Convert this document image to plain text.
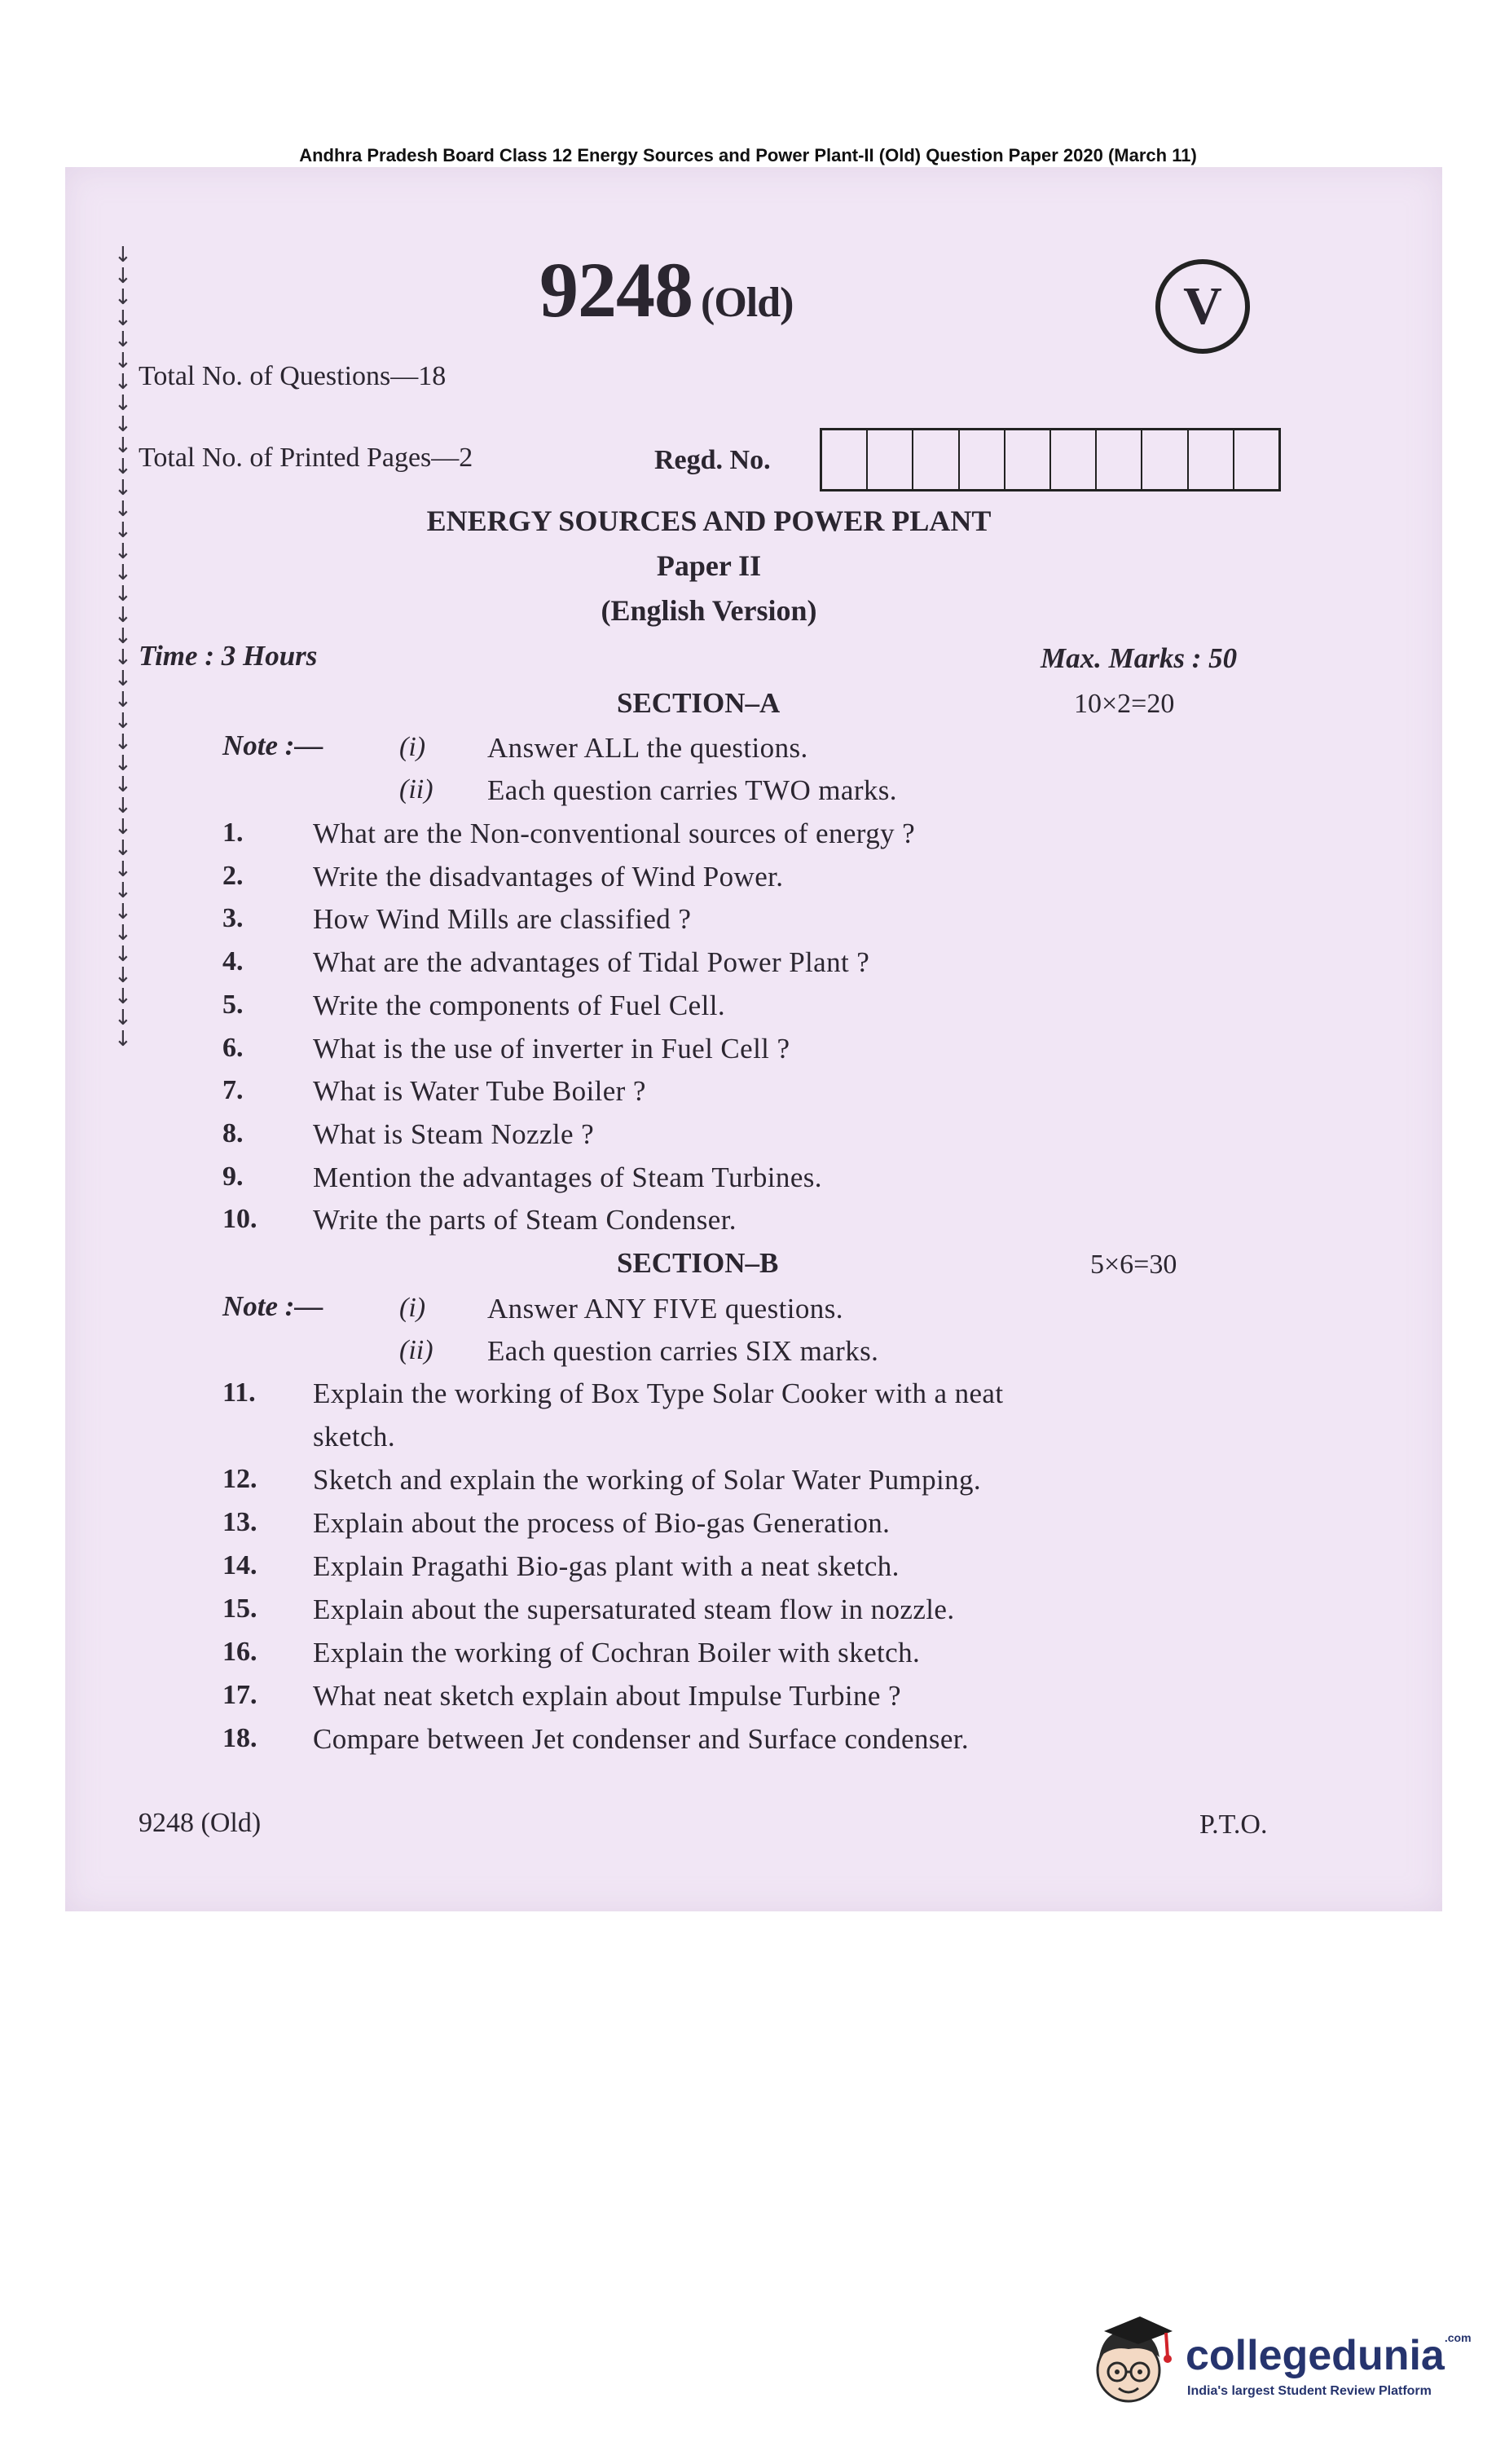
Andhra Pradesh Board Class 12 Energy Sources and Power Plant-II (Old) Question Paper 2020 (March 11)
↓
↓
↓
↓
↓
↓
↓
↓
↓
↓
↓
↓
↓
↓
↓
↓
↓
↓
↓
↓
↓
↓
↓
↓
↓
↓
↓
↓
↓
↓
↓
↓
↓
↓
↓
↓
↓
↓
9248 (Old)	V
Total No. of Questions—18
Total No. of Printed Pages—2	Regd. No.
ENERGY SOURCES AND POWER PLANT
Paper II
(English Version)
Time : 3 Hours	Max. Marks : 50
SECTION–A	10×2=20
Note :—	(i) Answer ALL the questions.
(ii) Each question carries TWO marks.
1. What are the Non-conventional sources of energy ?
2. Write the disadvantages of Wind Power.
3. How Wind Mills are classified ?
4. What are the advantages of Tidal Power Plant ?
5. Write the components of Fuel Cell.
6. What is the use of inverter in Fuel Cell ?
7. What is Water Tube Boiler ?
8. What is Steam Nozzle ?
9. Mention the advantages of Steam Turbines.
10. Write the parts of Steam Condenser.
SECTION–B	5×6=30
Note :—	(i) Answer ANY FIVE questions.
(ii) Each question carries SIX marks.
11. Explain the working of Box Type Solar Cooker with a neat
sketch.
12. Sketch and explain the working of Solar Water Pumping.
13. Explain about the process of Bio-gas Generation.
14. Explain Pragathi Bio-gas plant with a neat sketch.
15. Explain about the supersaturated steam flow in nozzle.
16. Explain the working of Cochran Boiler with sketch.
17. What neat sketch explain about Impulse Turbine ?
18. Compare between Jet condenser and Surface condenser.
9248 (Old)	P.T.O.
collegedunia$^{.com}$
India's largest Student Review Platform
